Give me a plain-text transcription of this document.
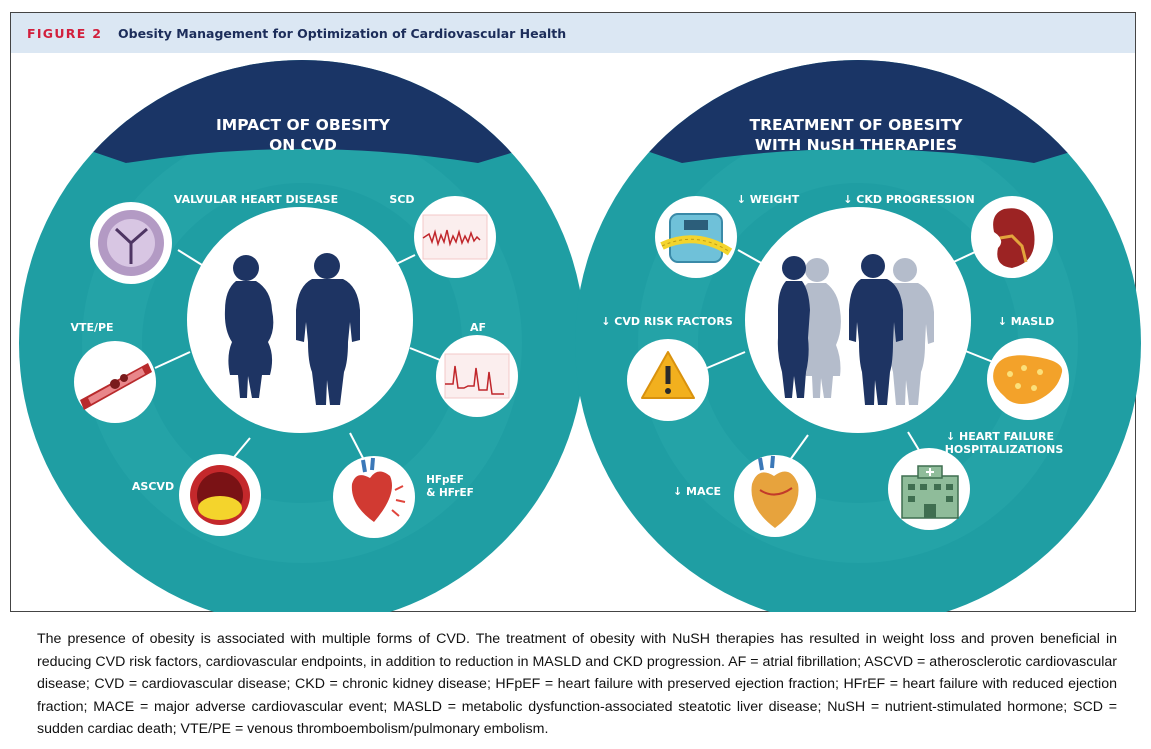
FIGURE 2 Obesity Management for Optimization of Cardiovascular Health
IMPACT OF OBESITY
ON CVD
VALVULAR HEART DISEASE	SCD
VTE/PE	AF
ASCVD	HFpEF
& HFrEF
TREATMENT OF OBESITY
WITH NuSH THERAPIES
↓ WEIGHT	↓ CKD PROGRESSION
↓ CVD RISK FACTORS	↓ MASLD
↓ MACE
↓ HEART FAILURE
HOSPITALIZATIONS
The presence of obesity is associated with multiple forms of CVD. The treatment of obesity with NuSH therapies has resulted in weight loss and proven beneficial in reducing CVD risk factors, cardiovascular endpoints, in addition to reduction in MASLD and CKD progression. AF = atrial fibrillation; ASCVD = atherosclerotic cardiovascular disease; CVD = cardiovascular disease; CKD = chronic kidney disease; HFpEF = heart failure with preserved ejection fraction; HFrEF = heart failure with reduced ejection fraction; MACE = major adverse cardiovascular event; MASLD = metabolic dysfunction-associated steatotic liver disease; NuSH = nutrient-stimulated hormone; SCD = sudden cardiac death; VTE/PE = venous thromboembolism/pulmonary embolism.
